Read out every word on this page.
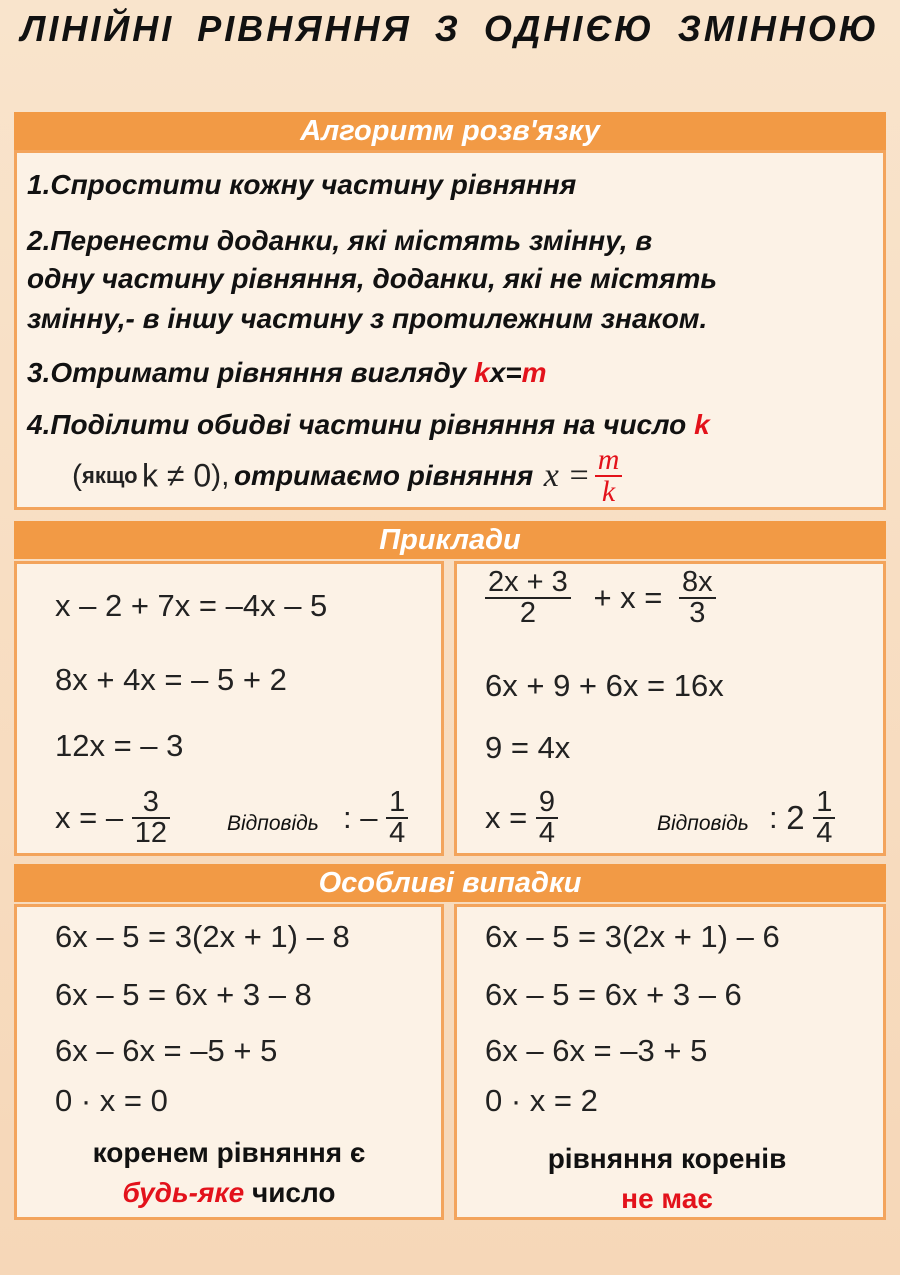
ЛІНІЙНІ РІВНЯННЯ З ОДНІЄЮ ЗМІННОЮ
Алгоритм розв'язку
1.Спростити кожну частину рівняння
2.Перенести доданки, які містять змінну, в
одну частину рівняння, доданки, які не містять
змінну,- в іншу частину з протилежним знаком.
3.Отримати рівняння вигляду kx=m
4.Поділити обидві частини рівняння на число k
(якщо k ≠ 0), отримаємо рівняння $x = \frac{m}{k}$
Приклади
x – 2 + 7x = –4x – 5
8x + 4x = – 5 + 2
12x = – 3
x = – $\frac{3}{12}$	Відповідь : – $\frac{1}{4}$
$\frac{2x + 3}{2} + x = \frac{8x}{3}$
6x + 9 + 6x = 16x
9 = 4x
$x = \frac{9}{4}$	Відповідь : $2 \frac{1}{4}$
Особливі випадки
6x – 5 = 3(2x + 1) – 8
6x – 5 = 6x + 3 – 8
6x – 6x = –5 + 5
0 · x = 0
коренем рівняння є
будь-яке число
6x – 5 = 3(2x + 1) – 6
6x – 5 = 6x + 3 – 6
6x – 6x = –3 + 5
0 · x = 2
рівняння коренів
не має
